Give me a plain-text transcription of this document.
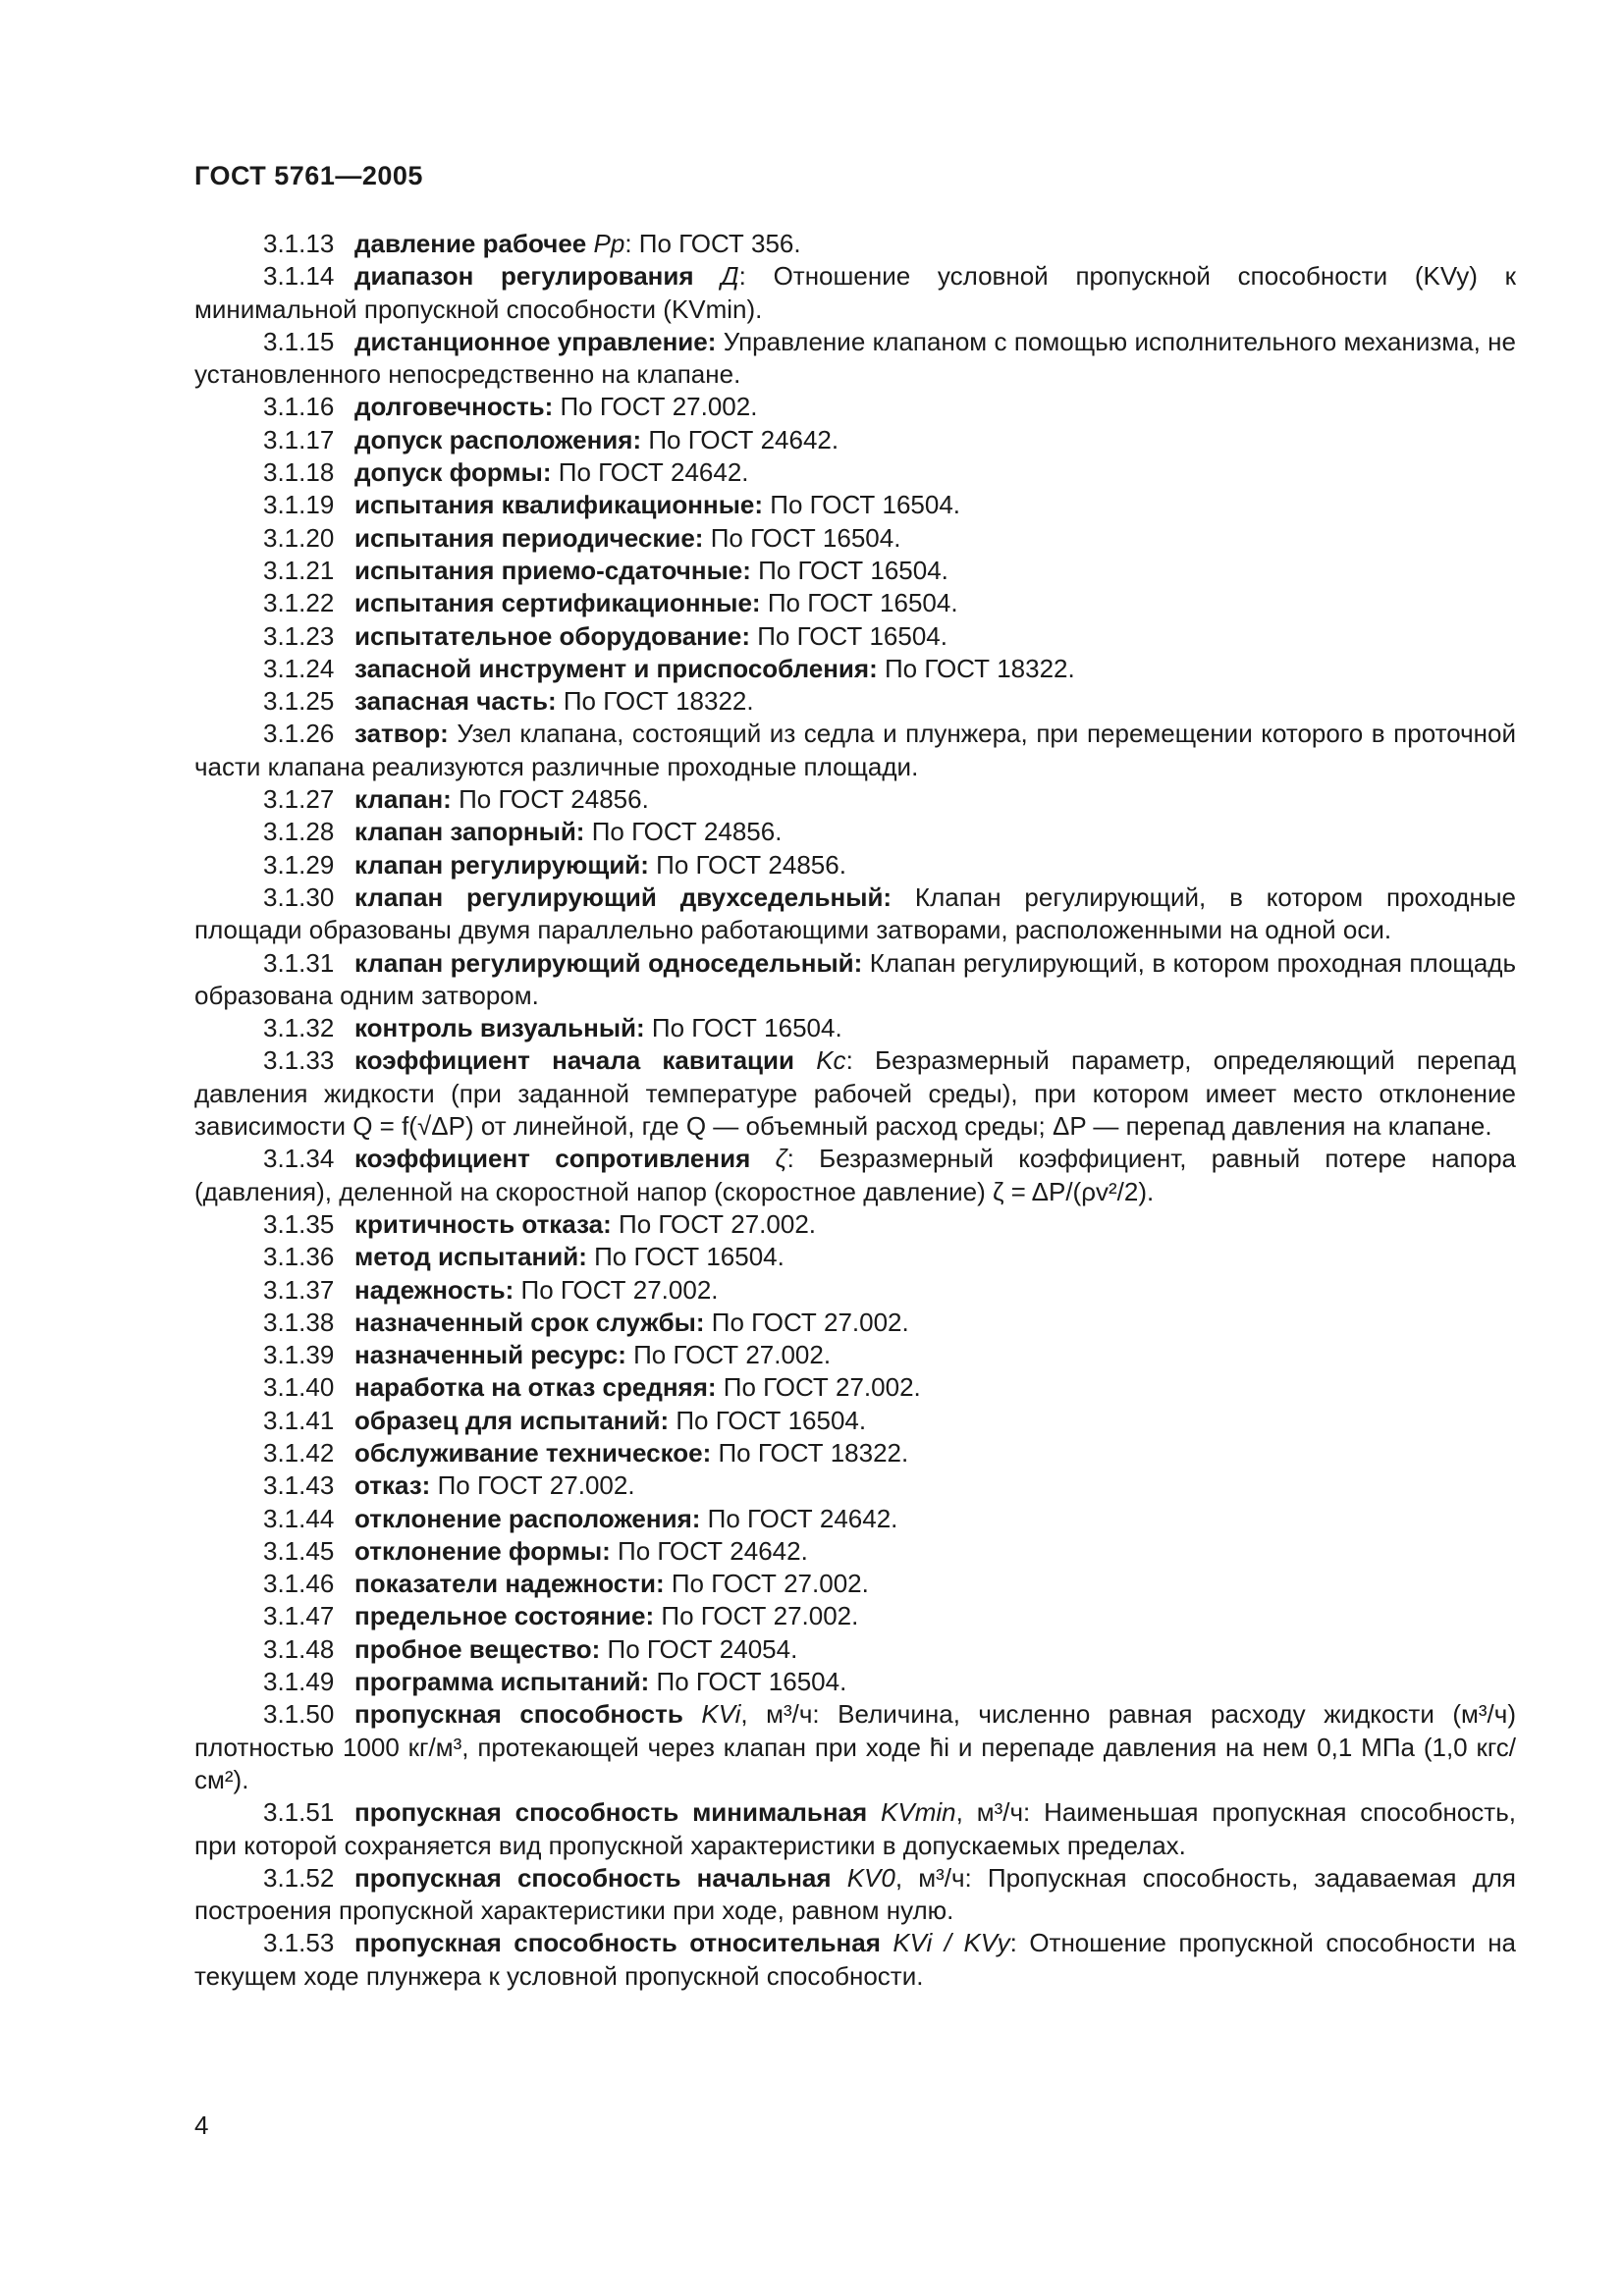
ГОСТ 5761—2005

3.1.13 давление рабочее Pр: По ГОСТ 356.

3.1.14 диапазон регулирования Д: Отношение условной пропускной способности (KVy) к минимальной пропускной способности (KVmin).

3.1.15 дистанционное управление: Управление клапаном с помощью исполнительного механизма, не установленного непосредственно на клапане.

3.1.16 долговечность: По ГОСТ 27.002.

3.1.17 допуск расположения: По ГОСТ 24642.

3.1.18 допуск формы: По ГОСТ 24642.

3.1.19 испытания квалификационные: По ГОСТ 16504.

3.1.20 испытания периодические: По ГОСТ 16504.

3.1.21 испытания приемо-сдаточные: По ГОСТ 16504.

3.1.22 испытания сертификационные: По ГОСТ 16504.

3.1.23 испытательное оборудование: По ГОСТ 16504.

3.1.24 запасной инструмент и приспособления: По ГОСТ 18322.

3.1.25 запасная часть: По ГОСТ 18322.

3.1.26 затвор: Узел клапана, состоящий из седла и плунжера, при перемещении которого в проточной части клапана реализуются различные проходные площади.

3.1.27 клапан: По ГОСТ 24856.

3.1.28 клапан запорный: По ГОСТ 24856.

3.1.29 клапан регулирующий: По ГОСТ 24856.

3.1.30 клапан регулирующий двухседельный: Клапан регулирующий, в котором проходные площади образованы двумя параллельно работающими затворами, расположенными на одной оси.

3.1.31 клапан регулирующий односедельный: Клапан регулирующий, в котором проходная площадь образована одним затвором.

3.1.32 контроль визуальный: По ГОСТ 16504.

3.1.33 коэффициент начала кавитации Kс: Безразмерный параметр, определяющий перепад давления жидкости (при заданной температуре рабочей среды), при котором имеет место отклонение зависимости Q = f(√ΔP) от линейной, где Q — объемный расход среды; ΔP — перепад давления на клапане.

3.1.34 коэффициент сопротивления ζ: Безразмерный коэффициент, равный потере напора (давления), деленной на скоростной напор (скоростное давление) ζ = ΔP/(ρv²/2).

3.1.35 критичность отказа: По ГОСТ 27.002.

3.1.36 метод испытаний: По ГОСТ 16504.

3.1.37 надежность: По ГОСТ 27.002.

3.1.38 назначенный срок службы: По ГОСТ 27.002.

3.1.39 назначенный ресурс: По ГОСТ 27.002.

3.1.40 наработка на отказ средняя: По ГОСТ 27.002.

3.1.41 образец для испытаний: По ГОСТ 16504.

3.1.42 обслуживание техническое: По ГОСТ 18322.

3.1.43 отказ: По ГОСТ 27.002.

3.1.44 отклонение расположения: По ГОСТ 24642.

3.1.45 отклонение формы: По ГОСТ 24642.

3.1.46 показатели надежности: По ГОСТ 27.002.

3.1.47 предельное состояние: По ГОСТ 27.002.

3.1.48 пробное вещество: По ГОСТ 24054.

3.1.49 программа испытаний: По ГОСТ 16504.

3.1.50 пропускная способность KVi, м³/ч: Величина, численно равная расходу жидкости (м³/ч) плотностью 1000 кг/м³, протекающей через клапан при ходе h̄i и перепаде давления на нем 0,1 МПа (1,0 кгс/см²).

3.1.51 пропускная способность минимальная KVmin, м³/ч: Наименьшая пропускная способность, при которой сохраняется вид пропускной характеристики в допускаемых пределах.

3.1.52 пропускная способность начальная KV0, м³/ч: Пропускная способность, задаваемая для построения пропускной характеристики при ходе, равном нулю.

3.1.53 пропускная способность относительная KVi / KVy: Отношение пропускной способности на текущем ходе плунжера к условной пропускной способности.

4
